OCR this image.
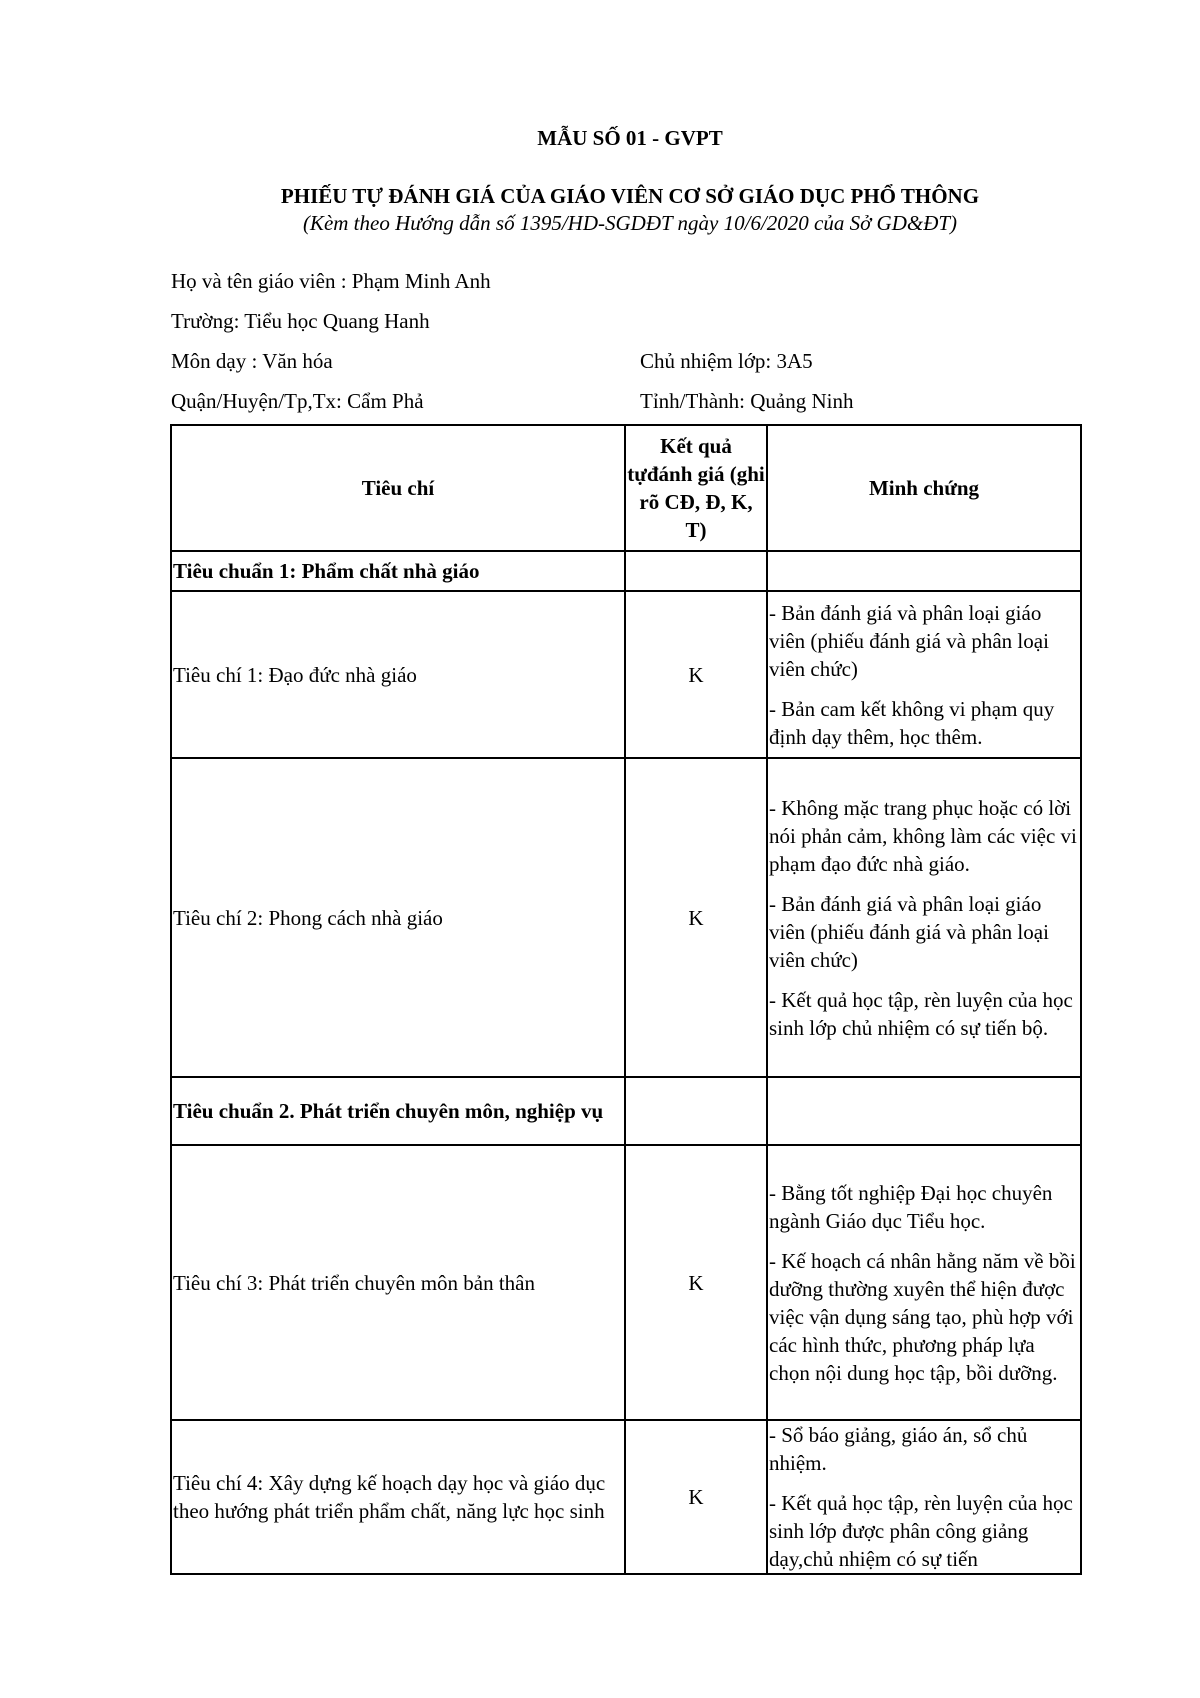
MẪU SỐ 01 - GVPT
PHIẾU TỰ ĐÁNH GIÁ CỦA GIÁO VIÊN CƠ SỞ GIÁO DỤC PHỔ THÔNG
(Kèm theo Hướng dẫn số 1395/HD-SGDĐT ngày 10/6/2020 của Sở GD&ĐT)
Họ và tên giáo viên : Phạm Minh Anh
Trường: Tiểu học Quang Hanh
Môn dạy : Văn hóa	Chủ nhiệm lớp: 3A5
Quận/Huyện/Tp,Tx: Cẩm Phả	Tỉnh/Thành: Quảng Ninh
Tiêu chí	Kết quả tựđánh giá (ghi rõ CĐ, Đ, K, T)	Minh chứng
Tiêu chuẩn 1: Phẩm chất nhà giáo		
Tiêu chí 1: Đạo đức nhà giáo	K	- Bản đánh giá và phân loại giáo viên (phiếu đánh giá và phân loại viên chức)
- Bản cam kết không vi phạm quy định dạy thêm, học thêm.

Tiêu chí 2: Phong cách nhà giáo	K	- Không mặc trang phục hoặc có lời nói phản cảm, không làm các việc vi phạm đạo đức nhà giáo.
- Bản đánh giá và phân loại giáo viên (phiếu đánh giá và phân loại viên chức)
- Kết quả học tập, rèn luyện của học sinh lớp chủ nhiệm có sự tiến bộ.

Tiêu chuẩn 2. Phát triển chuyên môn, nghiệp vụ		
Tiêu chí 3: Phát triển chuyên môn bản thân	K	- Bằng tốt nghiệp Đại học chuyên ngành Giáo dục Tiểu học.
- Kế hoạch cá nhân hằng năm về bồi dưỡng thường xuyên thể hiện được việc vận dụng sáng tạo, phù hợp với các hình thức, phương pháp lựa chọn nội dung học tập, bồi dưỡng.

Tiêu chí 4: Xây dựng kế hoạch dạy học và giáo dục theo hướng phát triển phẩm chất, năng lực học sinh	K	- Sổ báo giảng, giáo án, sổ chủ nhiệm.
- Kết quả học tập, rèn luyện của học sinh lớp được phân công giảng dạy,chủ nhiệm có sự tiến
